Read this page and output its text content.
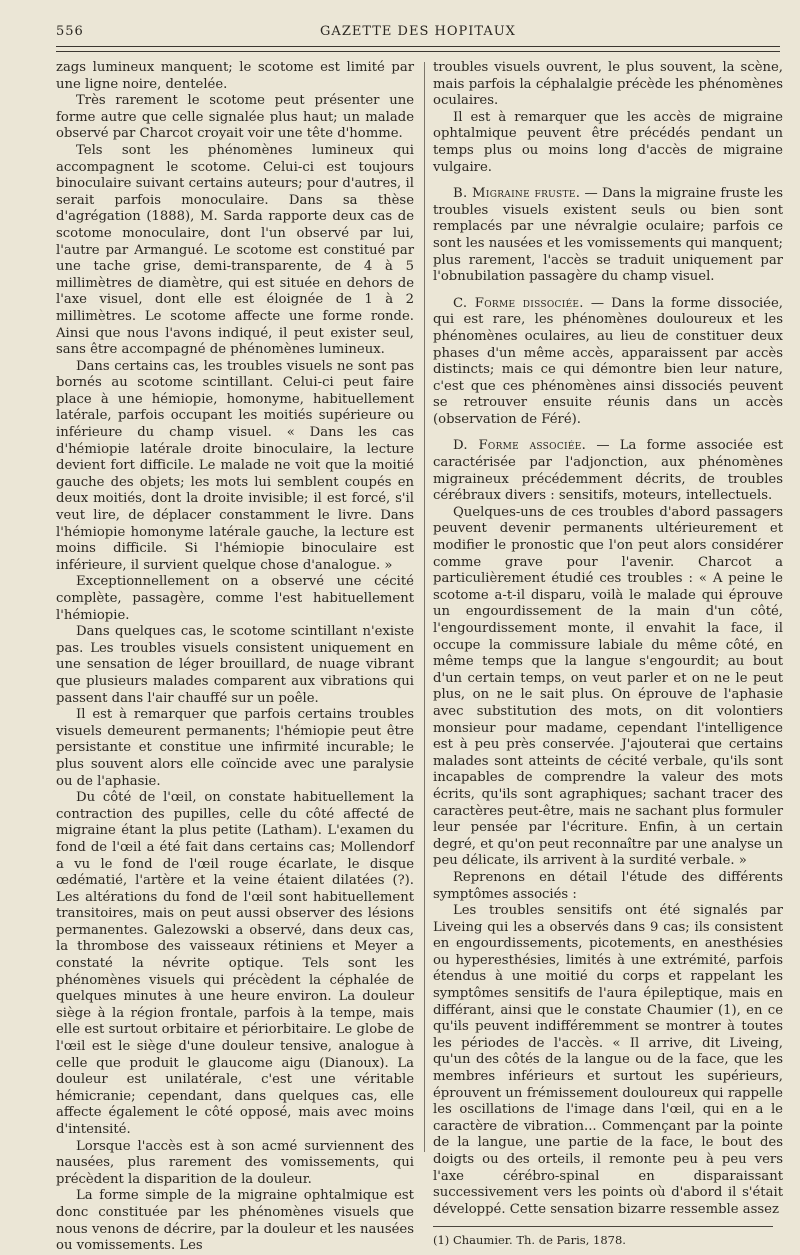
556	GAZETTE DES HOPITAUX

zags lumineux manquent; le scotome est limité par une ligne noire, dentelée.

Très rarement le scotome peut présenter une forme autre que celle signalée plus haut; un malade observé par Charcot croyait voir une tête d'homme.

Tels sont les phénomènes lumineux qui accompagnent le scotome. Celui-ci est toujours binoculaire suivant certains auteurs; pour d'autres, il serait parfois monoculaire. Dans sa thèse d'agrégation (1888), M. Sarda rapporte deux cas de scotome monoculaire, dont l'un observé par lui, l'autre par Armangué. Le scotome est constitué par une tache grise, demi-transparente, de 4 à 5 millimètres de diamètre, qui est située en dehors de l'axe visuel, dont elle est éloignée de 1 à 2 millimètres. Le scotome affecte une forme ronde. Ainsi que nous l'avons indiqué, il peut exister seul, sans être accompagné de phénomènes lumineux.

Dans certains cas, les troubles visuels ne sont pas bornés au scotome scintillant. Celui-ci peut faire place à une hémiopie, homonyme, habituellement latérale, parfois occupant les moitiés supérieure ou inférieure du champ visuel. « Dans les cas d'hémiopie latérale droite binoculaire, la lecture devient fort difficile. Le malade ne voit que la moitié gauche des objets; les mots lui semblent coupés en deux moitiés, dont la droite invisible; il est forcé, s'il veut lire, de déplacer constamment le livre. Dans l'hémiopie homonyme latérale gauche, la lecture est moins difficile. Si l'hémiopie binoculaire est inférieure, il survient quelque chose d'analogue. »

Exceptionnellement on a observé une cécité complète, passagère, comme l'est habituellement l'hémiopie.

Dans quelques cas, le scotome scintillant n'existe pas. Les troubles visuels consistent uniquement en une sensation de léger brouillard, de nuage vibrant que plusieurs malades comparent aux vibrations qui passent dans l'air chauffé sur un poêle.

Il est à remarquer que parfois certains troubles visuels demeurent permanents; l'hémiopie peut être persistante et constitue une infirmité incurable; le plus souvent alors elle coïncide avec une paralysie ou de l'aphasie.

Du côté de l'œil, on constate habituellement la contraction des pupilles, celle du côté affecté de migraine étant la plus petite (Latham). L'examen du fond de l'œil a été fait dans certains cas; Mollendorf a vu le fond de l'œil rouge écarlate, le disque œdématié, l'artère et la veine étaient dilatées (?). Les altérations du fond de l'œil sont habituellement transitoires, mais on peut aussi observer des lésions permanentes. Galezowski a observé, dans deux cas, la thrombose des vaisseaux rétiniens et Meyer a constaté la névrite optique. Tels sont les phénomènes visuels qui précèdent la céphalée de quelques minutes à une heure environ. La douleur siège à la région frontale, parfois à la tempe, mais elle est surtout orbitaire et périorbitaire. Le globe de l'œil est le siège d'une douleur tensive, analogue à celle que produit le glaucome aigu (Dianoux). La douleur est unilatérale, c'est une véritable hémicranie; cependant, dans quelques cas, elle affecte également le côté opposé, mais avec moins d'intensité.

Lorsque l'accès est à son acmé surviennent des nausées, plus rarement des vomissements, qui précèdent la disparition de la douleur.

La forme simple de la migraine ophtalmique est donc constituée par les phénomènes visuels que nous venons de décrire, par la douleur et les nausées ou vomissements. Les

troubles visuels ouvrent, le plus souvent, la scène, mais parfois la céphalalgie précède les phénomènes oculaires.

Il est à remarquer que les accès de migraine ophtalmique peuvent être précédés pendant un temps plus ou moins long d'accès de migraine vulgaire.

B. Migraine fruste. — Dans la migraine fruste les troubles visuels existent seuls ou bien sont remplacés par une névralgie oculaire; parfois ce sont les nausées et les vomissements qui manquent; plus rarement, l'accès se traduit uniquement par l'obnubilation passagère du champ visuel.

C. Forme dissociée. — Dans la forme dissociée, qui est rare, les phénomènes douloureux et les phénomènes oculaires, au lieu de constituer deux phases d'un même accès, apparaissent par accès distincts; mais ce qui démontre bien leur nature, c'est que ces phénomènes ainsi dissociés peuvent se retrouver ensuite réunis dans un accès (observation de Féré).

D. Forme associée. — La forme associée est caractérisée par l'adjonction, aux phénomènes migraineux précédemment décrits, de troubles cérébraux divers : sensitifs, moteurs, intellectuels.

Quelques-uns de ces troubles d'abord passagers peuvent devenir permanents ultérieurement et modifier le pronostic que l'on peut alors considérer comme grave pour l'avenir. Charcot a particulièrement étudié ces troubles : « A peine le scotome a-t-il disparu, voilà le malade qui éprouve un engourdissement de la main d'un côté, l'engourdissement monte, il envahit la face, il occupe la commissure labiale du même côté, en même temps que la langue s'engourdit; au bout d'un certain temps, on veut parler et on ne le peut plus, on ne le sait plus. On éprouve de l'aphasie avec substitution des mots, on dit volontiers monsieur pour madame, cependant l'intelligence est à peu près conservée. J'ajouterai que certains malades sont atteints de cécité verbale, qu'ils sont incapables de comprendre la valeur des mots écrits, qu'ils sont agraphiques; sachant tracer des caractères peut-être, mais ne sachant plus formuler leur pensée par l'écriture. Enfin, à un certain degré, et qu'on peut reconnaître par une analyse un peu délicate, ils arrivent à la surdité verbale. »

Reprenons en détail l'étude des différents symptômes associés :

Les troubles sensitifs ont été signalés par Liveing qui les a observés dans 9 cas; ils consistent en engourdissements, picotements, en anesthésies ou hyperesthésies, limités à une extrémité, parfois étendus à une moitié du corps et rappelant les symptômes sensitifs de l'aura épileptique, mais en différant, ainsi que le constate Chaumier (1), en ce qu'ils peuvent indifféremment se montrer à toutes les périodes de l'accès. « Il arrive, dit Liveing, qu'un des côtés de la langue ou de la face, que les membres inférieurs et surtout les supérieurs, éprouvent un frémissement douloureux qui rappelle les oscillations de l'image dans l'œil, qui en a le caractère de vibration... Commençant par la pointe de la langue, une partie de la face, le bout des doigts ou des orteils, il remonte peu à peu vers l'axe cérébro-spinal en disparaissant successivement vers les points où d'abord il s'était développé. Cette sensation bizarre ressemble assez

(1) Chaumier. Th. de Paris, 1878.
